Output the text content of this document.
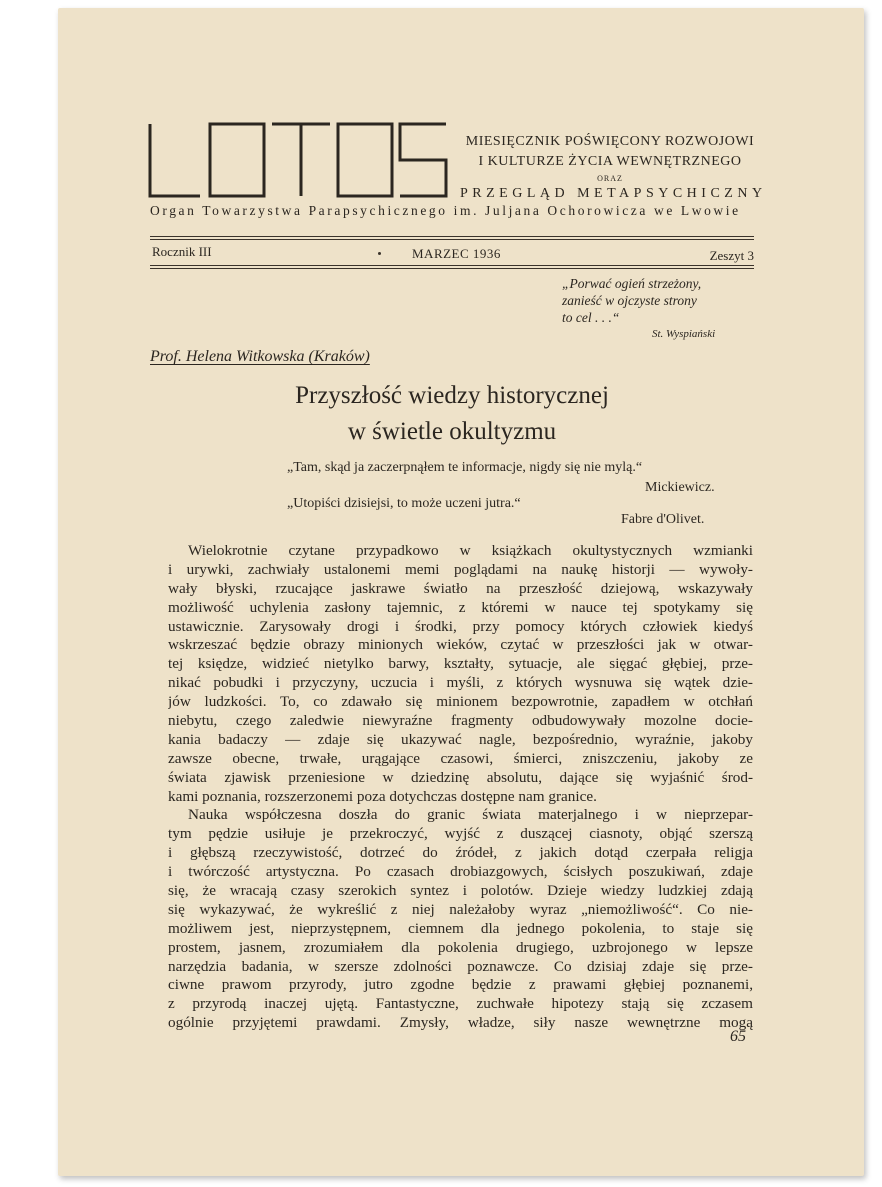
MIESIĘCZNIK POŚWIĘCONY ROZWOJOWI
I KULTURZE ŻYCIA WEWNĘTRZNEGO
ORAZ
PRZEGLĄD METAPSYCHICZNY
Organ Towarzystwa Parapsychicznego im. Juljana Ochorowicza we Lwowie
Rocznik III	MARZEC 1936	Zeszyt 3
„Porwać ogień strzeżony,
zanieść w ojczyste strony
to cel . . .“
St. Wyspiański
Prof. Helena Witkowska (Kraków)
Przyszłość wiedzy historycznej
w świetle okultyzmu
„Tam, skąd ja zaczerpnąłem te informacje, nigdy się nie mylą.“
Mickiewicz.
„Utopiści dzisiejsi, to może uczeni jutra.“
Fabre d'Olivet.
Wielokrotnie czytane przypadkowo w książkach okultystycznych wzmianki
i urywki, zachwiały ustalonemi memi poglądami na naukę historji — wywoły-
wały błyski, rzucające jaskrawe światło na przeszłość dziejową, wskazywały
możliwość uchylenia zasłony tajemnic, z któremi w nauce tej spotykamy się
ustawicznie. Zarysowały drogi i środki, przy pomocy których człowiek kiedyś
wskrzeszać będzie obrazy minionych wieków, czytać w przeszłości jak w otwar-
tej księdze, widzieć nietylko barwy, kształty, sytuacje, ale sięgać głębiej, prze-
nikać pobudki i przyczyny, uczucia i myśli, z których wysnuwa się wątek dzie-
jów ludzkości. To, co zdawało się minionem bezpowrotnie, zapadłem w otchłań
niebytu, czego zaledwie niewyraźne fragmenty odbudowywały mozolne docie-
kania badaczy — zdaje się ukazywać nagle, bezpośrednio, wyraźnie, jakoby
zawsze obecne, trwałe, urągające czasowi, śmierci, zniszczeniu, jakoby ze
świata zjawisk przeniesione w dziedzinę absolutu, dające się wyjaśnić środ-
kami poznania, rozszerzonemi poza dotychczas dostępne nam granice.
Nauka współczesna doszła do granic świata materjalnego i w nieprzepar-
tym pędzie usiłuje je przekroczyć, wyjść z duszącej ciasnoty, objąć szerszą
i głębszą rzeczywistość, dotrzeć do źródeł, z jakich dotąd czerpała religja
i twórczość artystyczna. Po czasach drobiazgowych, ścisłych poszukiwań, zdaje
się, że wracają czasy szerokich syntez i polotów. Dzieje wiedzy ludzkiej zdają
się wykazywać, że wykreślić z niej należałoby wyraz „niemożliwość“. Co nie-
możliwem jest, nieprzystępnem, ciemnem dla jednego pokolenia, to staje się
prostem, jasnem, zrozumiałem dla pokolenia drugiego, uzbrojonego w lepsze
narzędzia badania, w szersze zdolności poznawcze. Co dzisiaj zdaje się prze-
ciwne prawom przyrody, jutro zgodne będzie z prawami głębiej poznanemi,
z przyrodą inaczej ujętą. Fantastyczne, zuchwałe hipotezy stają się zczasem
ogólnie przyjętemi prawdami. Zmysły, władze, siły nasze wewnętrzne mogą
65
